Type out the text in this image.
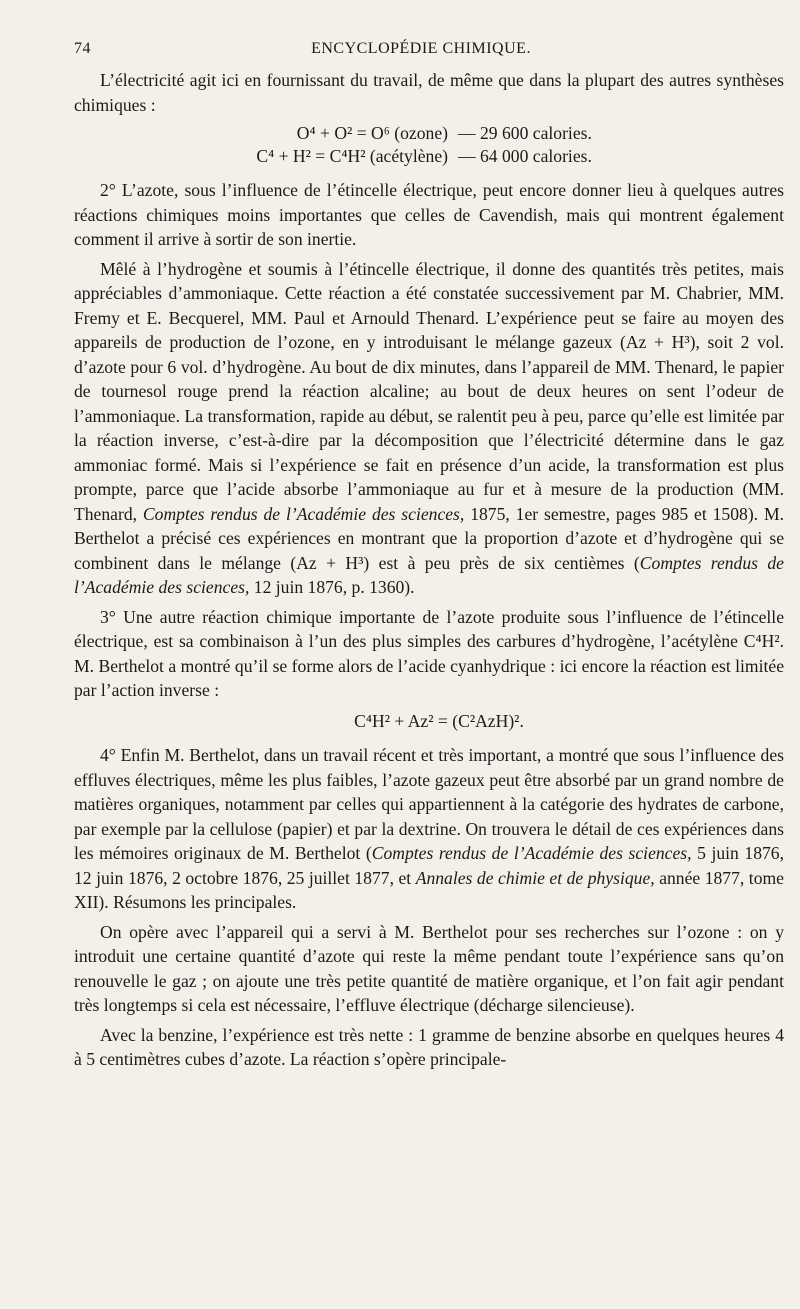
74	ENCYCLOPÉDIE CHIMIQUE.

L’électricité agit ici en fournissant du travail, de même que dans la plupart des autres synthèses chimiques :

O⁴ + O² = O⁶ (ozone) — 29 600 calories.
C⁴ + H² = C⁴H² (acétylène) — 64 000 calories.

2° L’azote, sous l’influence de l’étincelle électrique, peut encore donner lieu à quelques autres réactions chimiques moins importantes que celles de Cavendish, mais qui montrent également comment il arrive à sortir de son inertie.

Mêlé à l’hydrogène et soumis à l’étincelle électrique, il donne des quantités très petites, mais appréciables d’ammoniaque. Cette réaction a été constatée successivement par M. Chabrier, MM. Fremy et E. Becquerel, MM. Paul et Arnould Thenard. L’expérience peut se faire au moyen des appareils de production de l’ozone, en y introduisant le mélange gazeux (Az + H³), soit 2 vol. d’azote pour 6 vol. d’hydrogène. Au bout de dix minutes, dans l’appareil de MM. Thenard, le papier de tournesol rouge prend la réaction alcaline; au bout de deux heures on sent l’odeur de l’ammoniaque. La transformation, rapide au début, se ralentit peu à peu, parce qu’elle est limitée par la réaction inverse, c’est-à-dire par la décomposition que l’électricité détermine dans le gaz ammoniac formé. Mais si l’expérience se fait en présence d’un acide, la transformation est plus prompte, parce que l’acide absorbe l’ammoniaque au fur et à mesure de la production (MM. Thenard, Comptes rendus de l’Académie des sciences, 1875, 1er semestre, pages 985 et 1508). M. Berthelot a précisé ces expériences en montrant que la proportion d’azote et d’hydrogène qui se combinent dans le mélange (Az + H³) est à peu près de six centièmes (Comptes rendus de l’Académie des sciences, 12 juin 1876, p. 1360).

3° Une autre réaction chimique importante de l’azote produite sous l’influence de l’étincelle électrique, est sa combinaison à l’un des plus simples des carbures d’hydrogène, l’acétylène C⁴H². M. Berthelot a montré qu’il se forme alors de l’acide cyanhydrique : ici encore la réaction est limitée par l’action inverse :

C⁴H² + Az² = (C²AzH)².

4° Enfin M. Berthelot, dans un travail récent et très important, a montré que sous l’influence des effluves électriques, même les plus faibles, l’azote gazeux peut être absorbé par un grand nombre de matières organiques, notamment par celles qui appartiennent à la catégorie des hydrates de carbone, par exemple par la cellulose (papier) et par la dextrine. On trouvera le détail de ces expériences dans les mémoires originaux de M. Berthelot (Comptes rendus de l’Académie des sciences, 5 juin 1876, 12 juin 1876, 2 octobre 1876, 25 juillet 1877, et Annales de chimie et de physique, année 1877, tome XII). Résumons les principales.

On opère avec l’appareil qui a servi à M. Berthelot pour ses recherches sur l’ozone : on y introduit une certaine quantité d’azote qui reste la même pendant toute l’expérience sans qu’on renouvelle le gaz ; on ajoute une très petite quantité de matière organique, et l’on fait agir pendant très longtemps si cela est nécessaire, l’effluve électrique (décharge silencieuse).

Avec la benzine, l’expérience est très nette : 1 gramme de benzine absorbe en quelques heures 4 à 5 centimètres cubes d’azote. La réaction s’opère principale-
